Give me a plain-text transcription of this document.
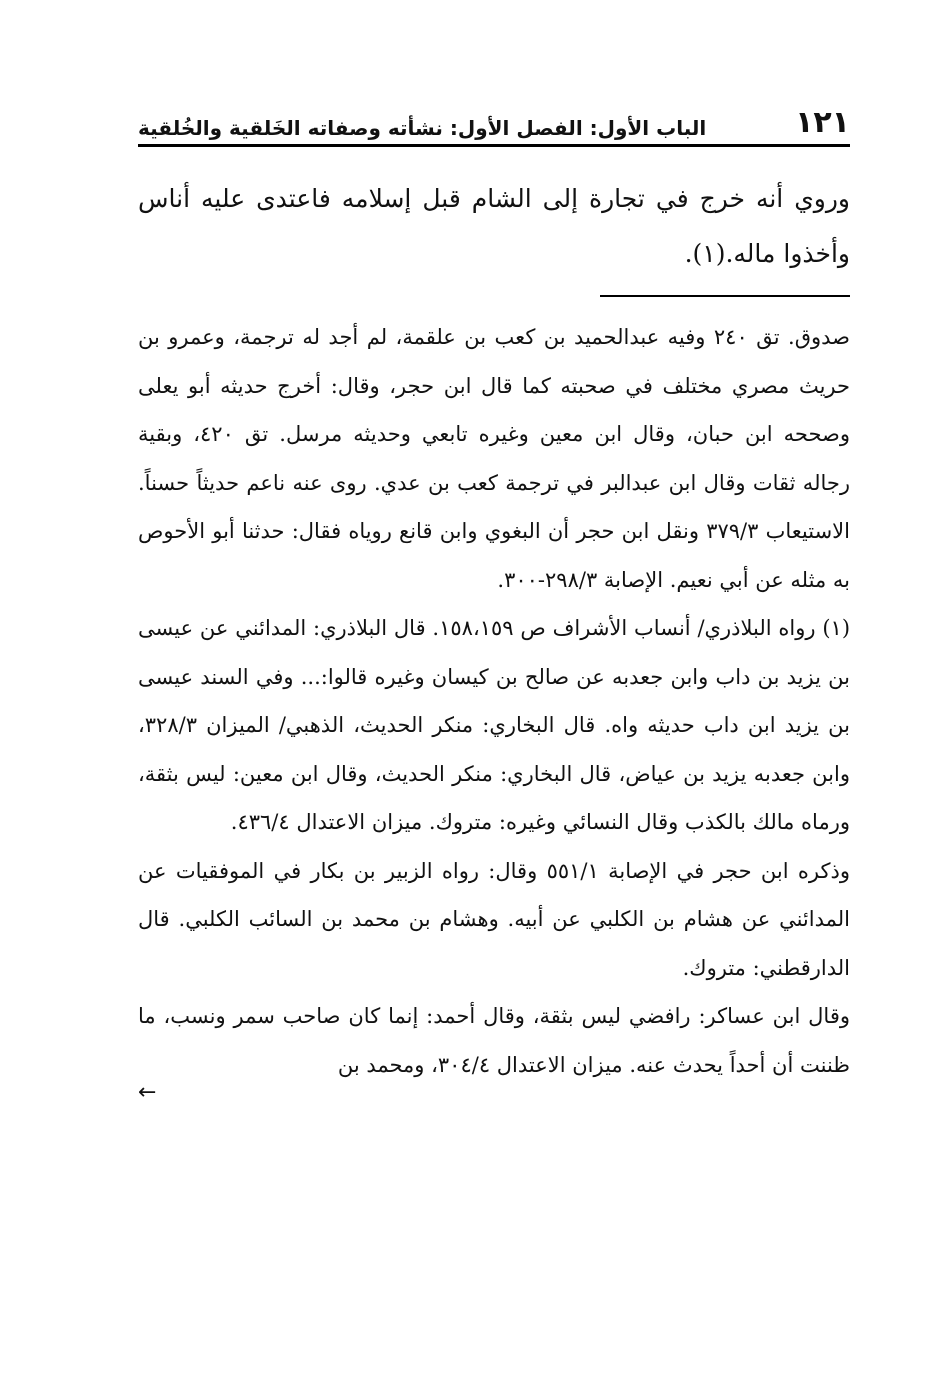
١٢١
الباب الأول: الفصل الأول: نشأته وصفاته الخَلقية والخُلقية

وروي أنه خرج في تجارة إلى الشام قبل إسلامه فاعتدى عليه أناس وأخذوا ماله.(١).

صدوق. تق ٢٤٠ وفيه عبدالحميد بن كعب بن علقمة، لم أجد له ترجمة، وعمرو بن حريث مصري مختلف في صحبته كما قال ابن حجر، وقال: أخرج حديثه أبو يعلى وصححه ابن حبان، وقال ابن معين وغيره تابعي وحديثه مرسل. تق ٤٢٠، وبقية رجاله ثقات وقال ابن عبدالبر في ترجمة كعب بن عدي. روى عنه ناعم حديثاً حسناً. الاستيعاب ٣٧٩/٣ ونقل ابن حجر أن البغوي وابن قانع روياه فقال: حدثنا أبو الأحوص به مثله عن أبي نعيم. الإصابة ٢٩٨/٣-٣٠٠.

(١) رواه البلاذري/ أنساب الأشراف ص ١٥٨،١٥٩. قال البلاذري: المدائني عن عيسى بن يزيد بن داب وابن جعدبه عن صالح بن كيسان وغيره قالوا:... وفي السند عيسى بن يزيد ابن داب حديثه واه. قال البخاري: منكر الحديث، الذهبي/ الميزان ٣٢٨/٣، وابن جعدبه يزيد بن عياض، قال البخاري: منكر الحديث، وقال ابن معين: ليس بثقة، ورماه مالك بالكذب وقال النسائي وغيره: متروك. ميزان الاعتدال ٤٣٦/٤.

وذكره ابن حجر في الإصابة ٥٥١/١ وقال: رواه الزبير بن بكار في الموفقيات عن المدائني عن هشام بن الكلبي عن أبيه. وهشام بن محمد بن السائب الكلبي. قال الدارقطني: متروك.

وقال ابن عساكر: رافضي ليس بثقة، وقال أحمد: إنما كان صاحب سمر ونسب، ما ظننت أن أحداً يحدث عنه. ميزان الاعتدال ٣٠٤/٤، ومحمد بن

←
